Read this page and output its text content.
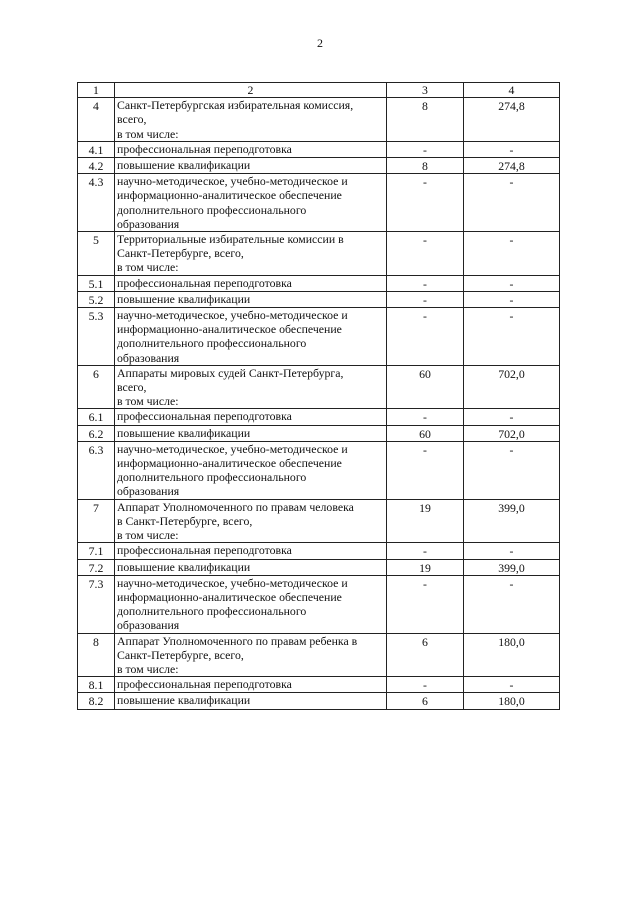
2
1	2	3	4
4	Санкт-Петербургская избирательная комиссия,
всего,
в том числе:	8	274,8
4.1	профессиональная переподготовка	-	-
4.2	повышение квалификации	8	274,8
4.3	научно-методическое, учебно-методическое и
информационно-аналитическое обеспечение
дополнительного профессионального
образования	-	-
5	Территориальные избирательные комиссии в
Санкт-Петербурге, всего,
в том числе:	-	-
5.1	профессиональная переподготовка	-	-
5.2	повышение квалификации	-	-
5.3	научно-методическое, учебно-методическое и
информационно-аналитическое обеспечение
дополнительного профессионального
образования	-	-
6	Аппараты мировых судей Санкт-Петербурга,
всего,
в том числе:	60	702,0
6.1	профессиональная переподготовка	-	-
6.2	повышение квалификации	60	702,0
6.3	научно-методическое, учебно-методическое и
информационно-аналитическое обеспечение
дополнительного профессионального
образования	-	-
7	Аппарат Уполномоченного по правам человека
в Санкт-Петербурге, всего,
в том числе:	19	399,0
7.1	профессиональная переподготовка	-	-
7.2	повышение квалификации	19	399,0
7.3	научно-методическое, учебно-методическое и
информационно-аналитическое обеспечение
дополнительного профессионального
образования	-	-
8	Аппарат Уполномоченного по правам ребенка в
Санкт-Петербурге, всего,
в том числе:	6	180,0
8.1	профессиональная переподготовка	-	-
8.2	повышение квалификации	6	180,0
